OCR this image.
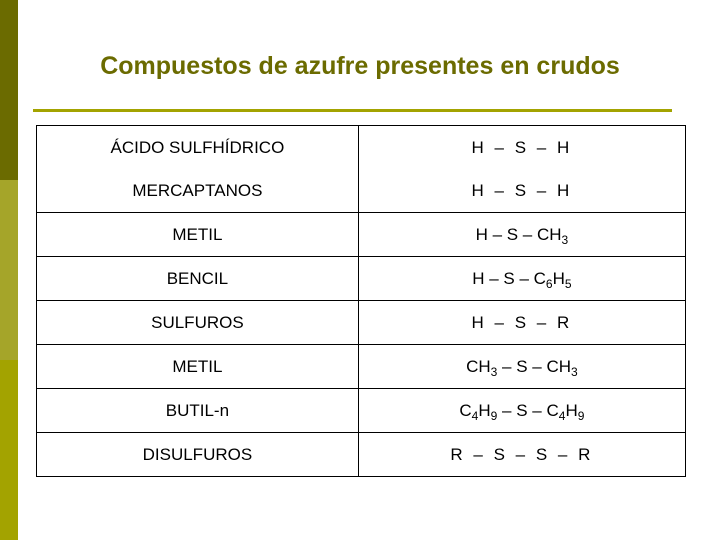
Compuestos de azufre presentes en crudos
ÁCIDO SULFHÍDRICO	H – S – H
MERCAPTANOS	H – S – H
METIL	H – S – $CH_3$
BENCIL	H – S – $C_6H_5$
SULFUROS	H – S – R
METIL	$CH_3$ – S – $CH_3$
BUTIL-n	$C_4H_9$ – S – $C_4H_9$
DISULFUROS	R – S – S – R
